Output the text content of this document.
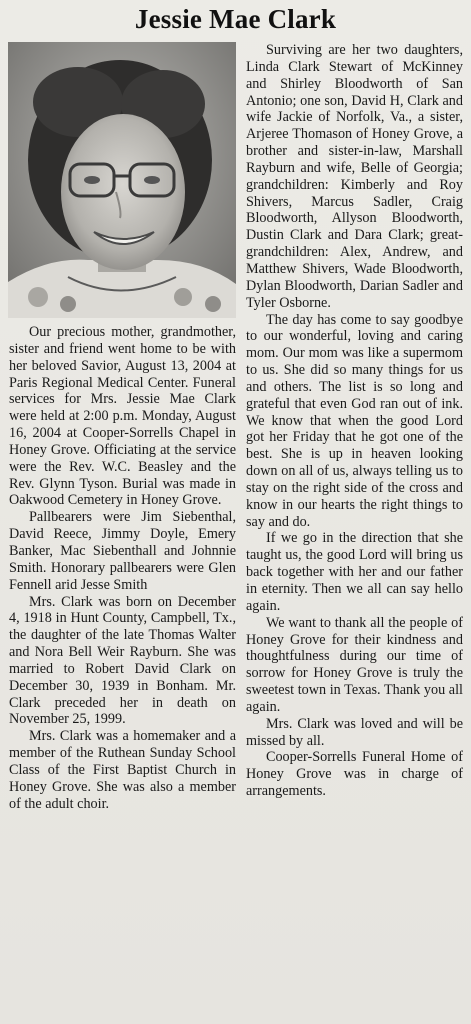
Jessie Mae Clark

Our precious mother, grandmother, sister and friend went home to be with her beloved Savior, August 13, 2004 at Paris Regional Medical Center. Funeral services for Mrs. Jessie Mae Clark were held at 2:00 p.m. Monday, August 16, 2004 at Cooper-Sorrells Chapel in Honey Grove. Officiating at the service were the Rev. W.C. Beasley and the Rev. Glynn Tyson. Burial was made in Oakwood Cemetery in Honey Grove.

Pallbearers were Jim Siebenthal, David Reece, Jimmy Doyle, Emery Banker, Mac Siebenthall and Johnnie Smith. Honorary pallbearers were Glen Fennell arid Jesse Smith

Mrs. Clark was born on December 4, 1918 in Hunt County, Campbell, Tx., the daughter of the late Thomas Walter and Nora Bell Weir Rayburn. She was married to Robert David Clark on December 30, 1939 in Bonham. Mr. Clark preceded her in death on November 25, 1999.

Mrs. Clark was a homemaker and a member of the Ruthean Sunday School Class of the First Baptist Church in Honey Grove. She was also a member of the adult choir.

Surviving are her two daughters, Linda Clark Stewart of McKinney and Shirley Bloodworth of San Antonio; one son, David H, Clark and wife Jackie of Norfolk, Va., a sister, Arjeree Thomason of Honey Grove, a brother and sister-in-law, Marshall Rayburn and wife, Belle of Georgia; grandchildren: Kimberly and Roy Shivers, Marcus Sadler, Craig Bloodworth, Allyson Bloodworth, Dustin Clark and Dara Clark; great-grandchildren: Alex, Andrew, and Matthew Shivers, Wade Bloodworth, Dylan Bloodworth, Darian Sadler and Tyler Osborne.

The day has come to say goodbye to our wonderful, loving and caring mom. Our mom was like a supermom to us. She did so many things for us and others. The list is so long and grateful that even God ran out of ink. We know that when the good Lord got her Friday that he got one of the best. She is up in heaven looking down on all of us, always telling us to stay on the right side of the cross and know in our hearts the right things to say and do.

If we go in the direction that she taught us, the good Lord will bring us back together with her and our father in eternity. Then we all can say hello again.

We want to thank all the people of Honey Grove for their kindness and thoughtfulness during our time of sorrow for Honey Grove is truly the sweetest town in Texas. Thank you all again.

Mrs. Clark was loved and will be missed by all.

Cooper-Sorrells Funeral Home of Honey Grove was in charge of arrangements.
